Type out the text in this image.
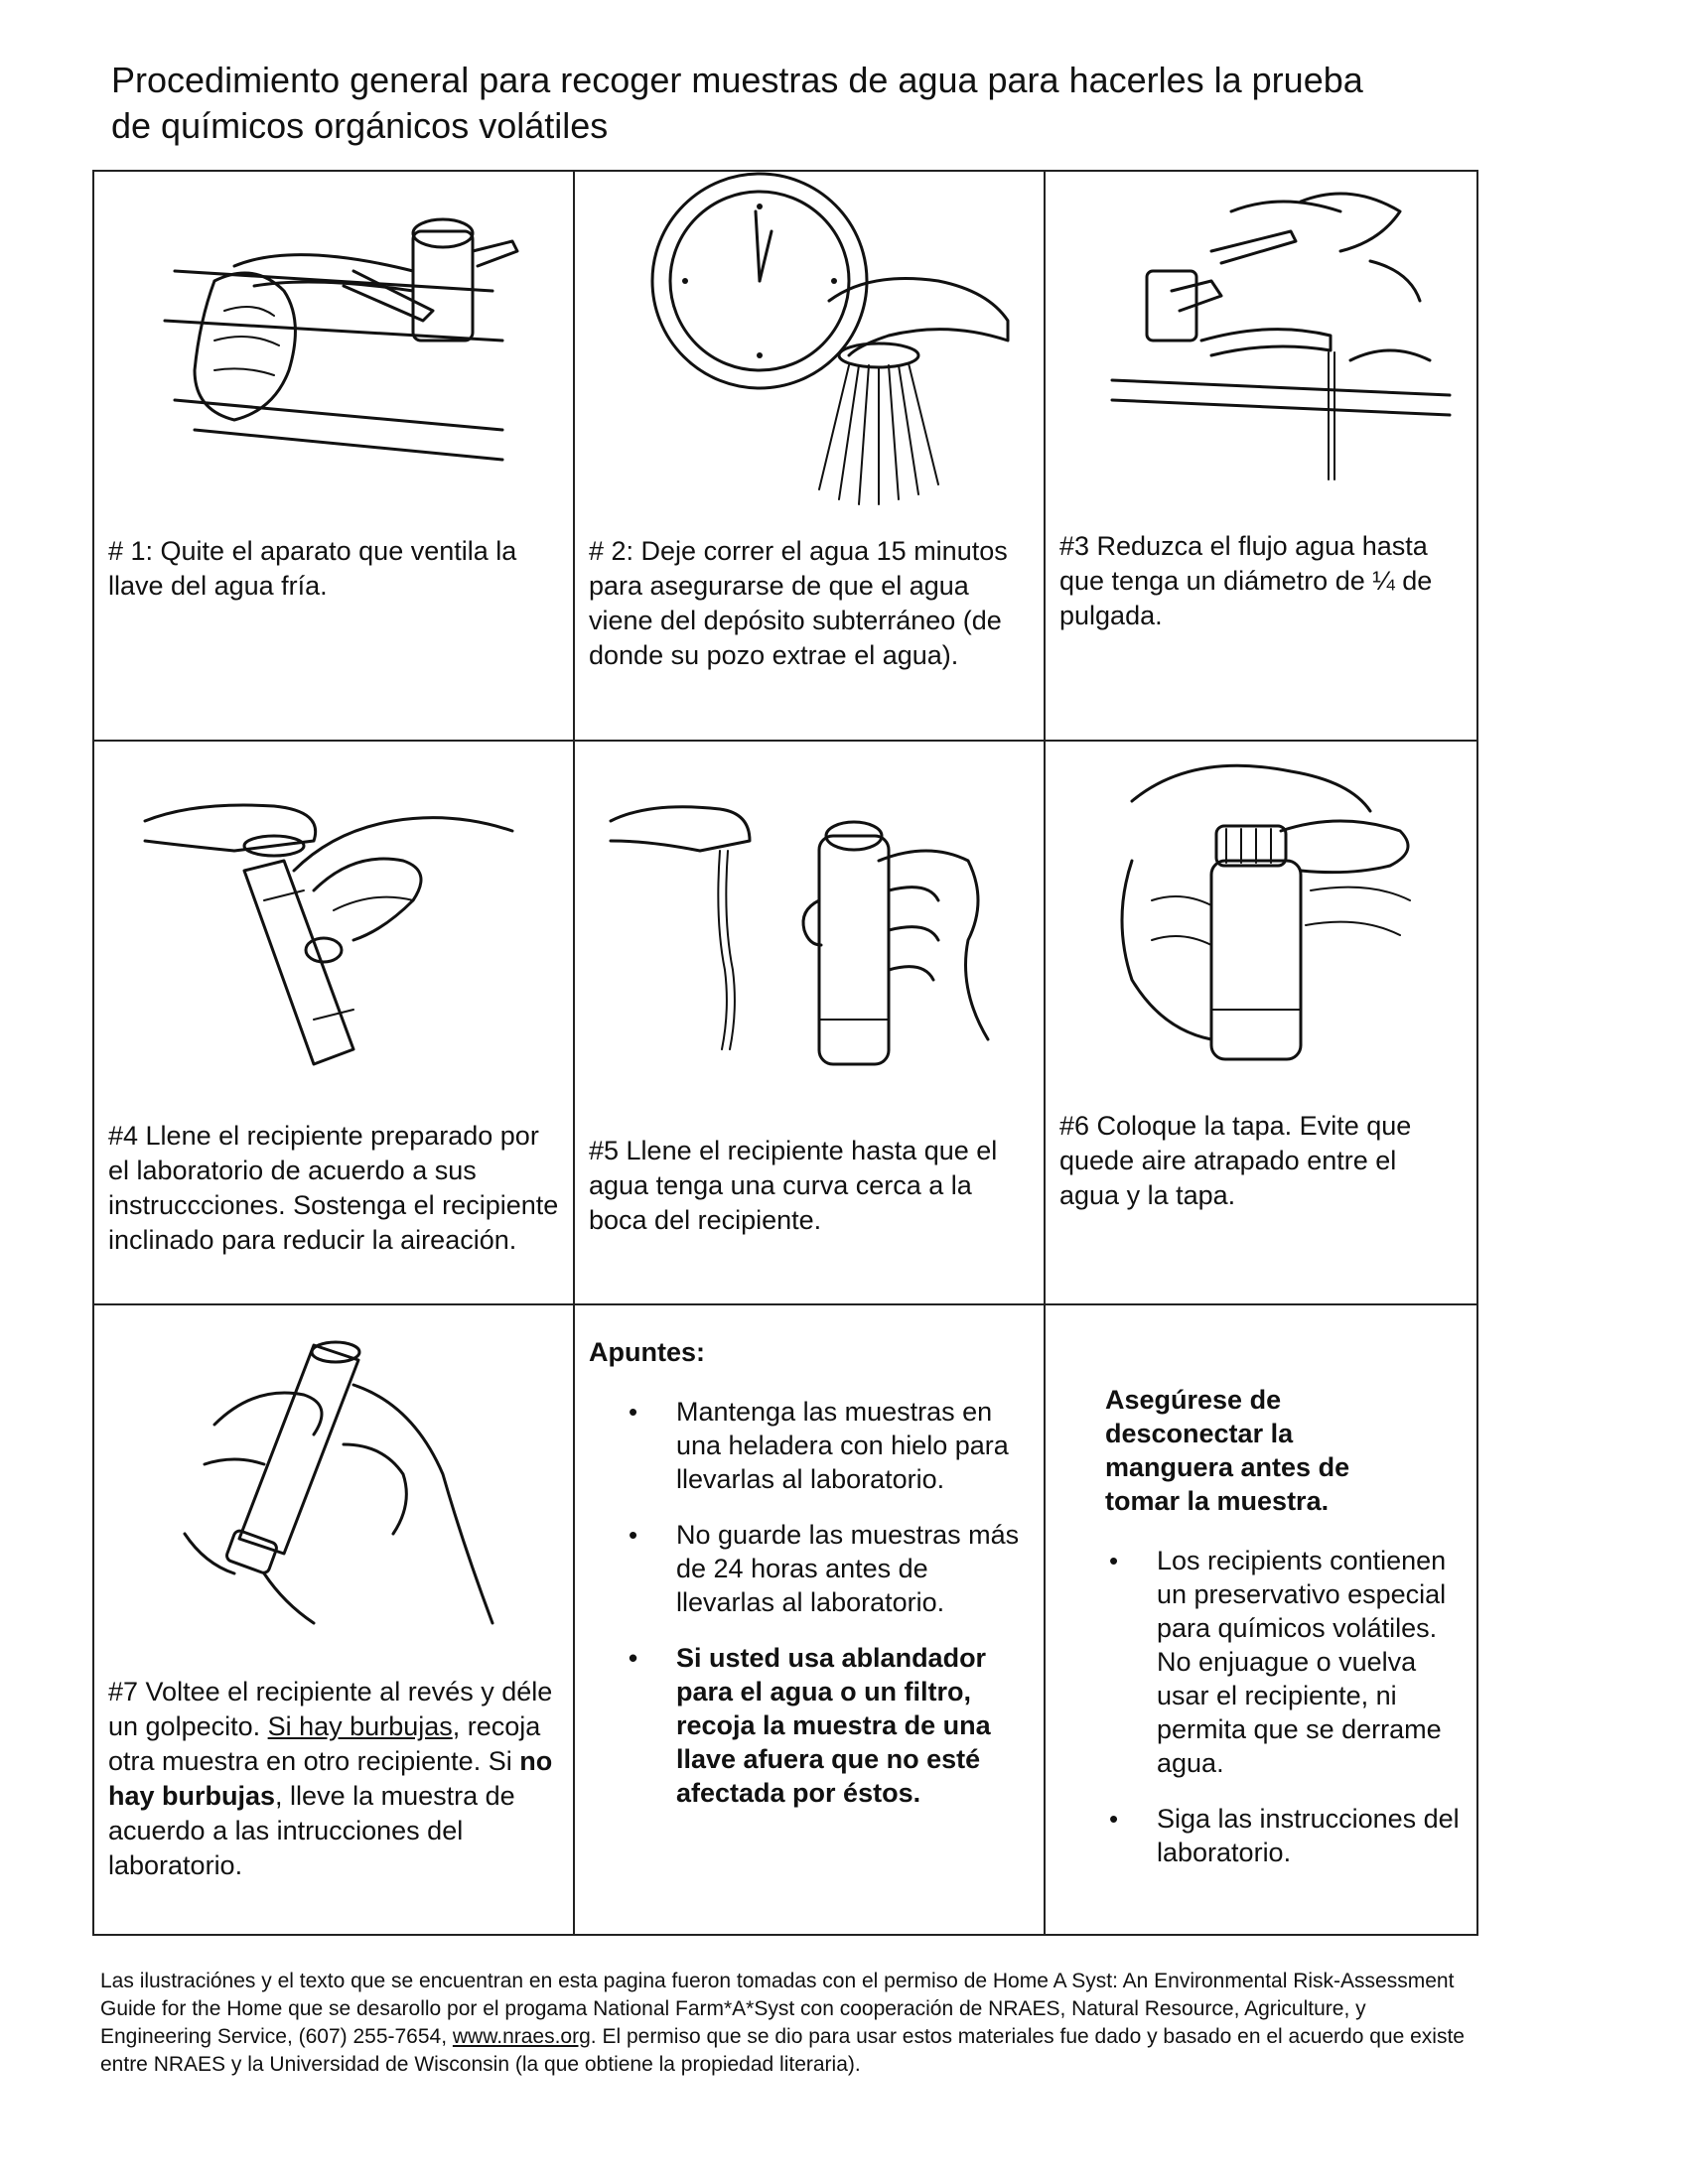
Procedimiento general para recoger muestras de agua para hacerles la prueba
de químicos orgánicos volátiles
# 1: Quite el aparato que ventila la llave del agua fría.
# 2: Deje correr el agua 15 minutos para asegurarse de que el agua viene del depósito subterráneo (de donde su pozo extrae el agua).
#3 Reduzca el flujo agua hasta que tenga un diámetro de ¼ de pulgada.
#4 Llene el recipiente preparado por el laboratorio de acuerdo a sus instruccciones. Sostenga el recipiente inclinado para reducir la aireación.
#5 Llene el recipiente hasta que el agua tenga una curva cerca a la boca del recipiente.
#6 Coloque la tapa. Evite que quede aire atrapado entre el agua y la tapa.
#7 Voltee el recipiente al revés y déle un golpecito. Si hay burbujas, recoja otra muestra en otro recipiente. Si no hay burbujas, lleve la muestra de acuerdo a las intrucciones del laboratorio.
Apuntes:
• Mantenga las muestras en una heladera con hielo para llevarlas al laboratorio.
• No guarde las muestras más de 24 horas antes de llevarlas al laboratorio.
• Si usted usa ablandador para el agua o un filtro, recoja la muestra de una llave afuera que no esté afectada por éstos.
Asegúrese de desconectar la manguera antes de tomar la muestra.
• Los recipients contienen un preservativo especial para químicos volátiles. No enjuague o vuelva usar el recipiente, ni permita que se derrame agua.
• Siga las instrucciones del laboratorio.
Las ilustraciónes y el texto que se encuentran en esta pagina fueron tomadas con el permiso de Home A Syst: An Environmental Risk-Assessment Guide for the Home que se desarollo por el progama National Farm*A*Syst con cooperación de NRAES, Natural Resource, Agriculture, y Engineering Service, (607) 255-7654, www.nraes.org. El permiso que se dio para usar estos materiales fue dado y basado en el acuerdo que existe entre NRAES y la Universidad de Wisconsin (la que obtiene la propiedad literaria).
